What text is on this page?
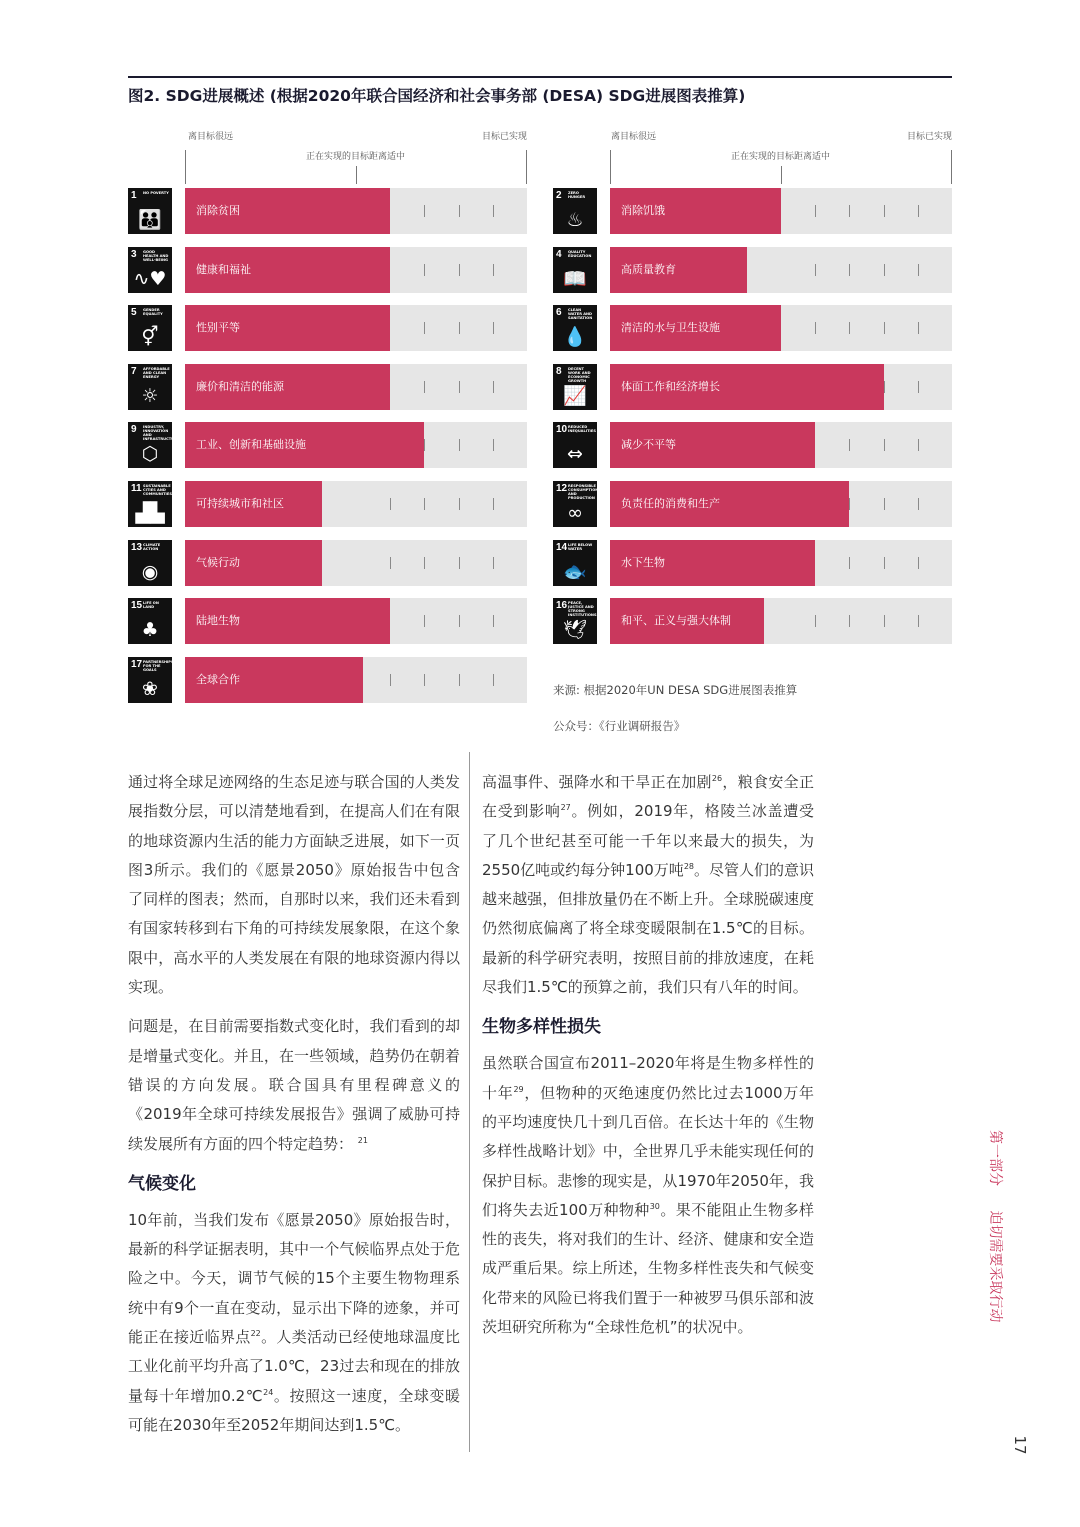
图2. SDG进展概述 (根据2020年联合国经济和社会事务部 (DESA) SDG进展图表推算)
离目标很远	目标已实现
正在实现的目标距离适中
1 NO POVERTY
👪	消除贫困
3 GOOD HEALTH AND WELL-BEING
∿♥	健康和福祉
5 GENDER EQUALITY
⚥	性别平等
7 AFFORDABLE AND CLEAN ENERGY
☼	廉价和清洁的能源
9 INDUSTRY, INNOVATION AND INFRASTRUCTURE
⬡	工业、创新和基础设施
11 SUSTAINABLE CITIES AND COMMUNITIES
▟▙	可持续城市和社区
13 CLIMATE ACTION
◉	气候行动
15 LIFE ON LAND
♣	陆地生物
17 PARTNERSHIPS FOR THE GOALS
❀	全球合作
离目标很远	目标已实现
正在实现的目标距离适中
2 ZERO HUNGER
♨	消除饥饿
4 QUALITY EDUCATION
📖	高质量教育
6 CLEAN WATER AND SANITATION
💧	清洁的水与卫生设施
8 DECENT WORK AND ECONOMIC GROWTH
📈	体面工作和经济增长
10 REDUCED INEQUALITIES
⇔	减少不平等
12 RESPONSIBLE CONSUMPTION AND PRODUCTION
∞	负责任的消费和生产
14 LIFE BELOW WATER
🐟	水下生物
16 PEACE, JUSTICE AND STRONG INSTITUTIONS
🕊	和平、正义与强大体制
来源: 根据2020年UN DESA SDG进展图表推算
公众号：《行业调研报告》

通过将全球足迹网络的生态足迹与联合国的人类发展指数分层，可以清楚地看到，在提高人们在有限的地球资源内生活的能力方面缺乏进展，如下一页图3所示。我们的《愿景2050》原始报告中包含了同样的图表；然而，自那时以来，我们还未看到有国家转移到右下角的可持续发展象限，在这个象限中，高水平的人类发展在有限的地球资源内得以实现。

问题是，在目前需要指数式变化时，我们看到的却是增量式变化。并且，在一些领域，趋势仍在朝着错误的方向发展。联合国具有里程碑意义的《2019年全球可持续发展报告》强调了威胁可持续发展所有方面的四个特定趋势： $^{21}$

气候变化

10年前，当我们发布《愿景2050》原始报告时，最新的科学证据表明，其中一个气候临界点处于危险之中。今天，调节气候的15个主要生物物理系统中有9个一直在变动，显示出下降的迹象，并可能正在接近临界点$^{22}$。人类活动已经使地球温度比工业化前平均升高了1.0℃，23过去和现在的排放量每十年增加0.2℃$^{24}$。按照这一速度，全球变暖可能在2030年至2052年期间达到1.5℃。

高温事件、强降水和干旱正在加剧$^{26}$，粮食安全正在受到影响$^{27}$。例如，2019年，格陵兰冰盖遭受了几个世纪甚至可能一千年以来最大的损失，为2550亿吨或约每分钟100万吨$^{28}$。尽管人们的意识越来越强，但排放量仍在不断上升。全球脱碳速度仍然彻底偏离了将全球变暖限制在1.5℃的目标。最新的科学研究表明，按照目前的排放速度，在耗尽我们1.5℃的预算之前，我们只有八年的时间。

生物多样性损失

虽然联合国宣布2011–2020年将是生物多样性的十年$^{29}$，但物种的灭绝速度仍然比过去1000万年的平均速度快几十到几百倍。在长达十年的《生物多样性战略计划》中，全世界几乎未能实现任何的保护目标。悲惨的现实是，从1970年2050年，我们将失去近100万种物种$^{30}$。果不能阻止生物多样性的丧失，将对我们的生计、经济、健康和安全造成严重后果。综上所述，生物多样性丧失和气候变化带来的风险已将我们置于一种被罗马俱乐部和波茨坦研究所称为“全球性危机”的状况中。

第一部分 迫切需要采取行动
17
